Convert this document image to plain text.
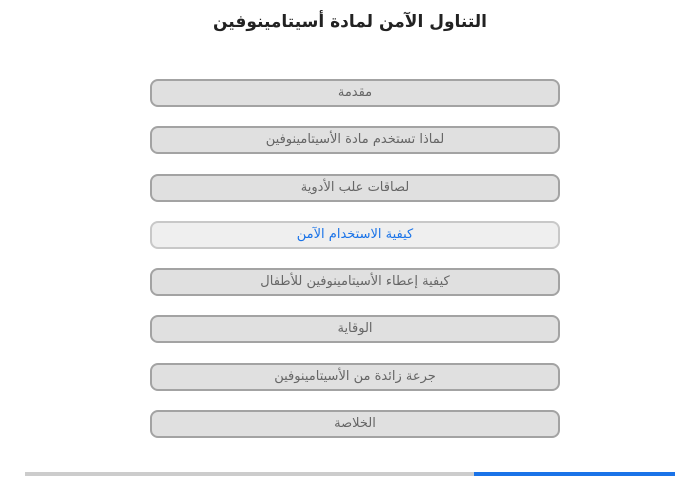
التناول الآمن لمادة أسيتامينوفين
مقدمة
لماذا تستخدم مادة الأسيتامينوفين
لصاقات علب الأدوية
كيفية الاستخدام الآمن
كيفية إعطاء الأسيتامينوفين للأطفال
الوقاية
جرعة زائدة من الأسيتامينوفين
الخلاصة
